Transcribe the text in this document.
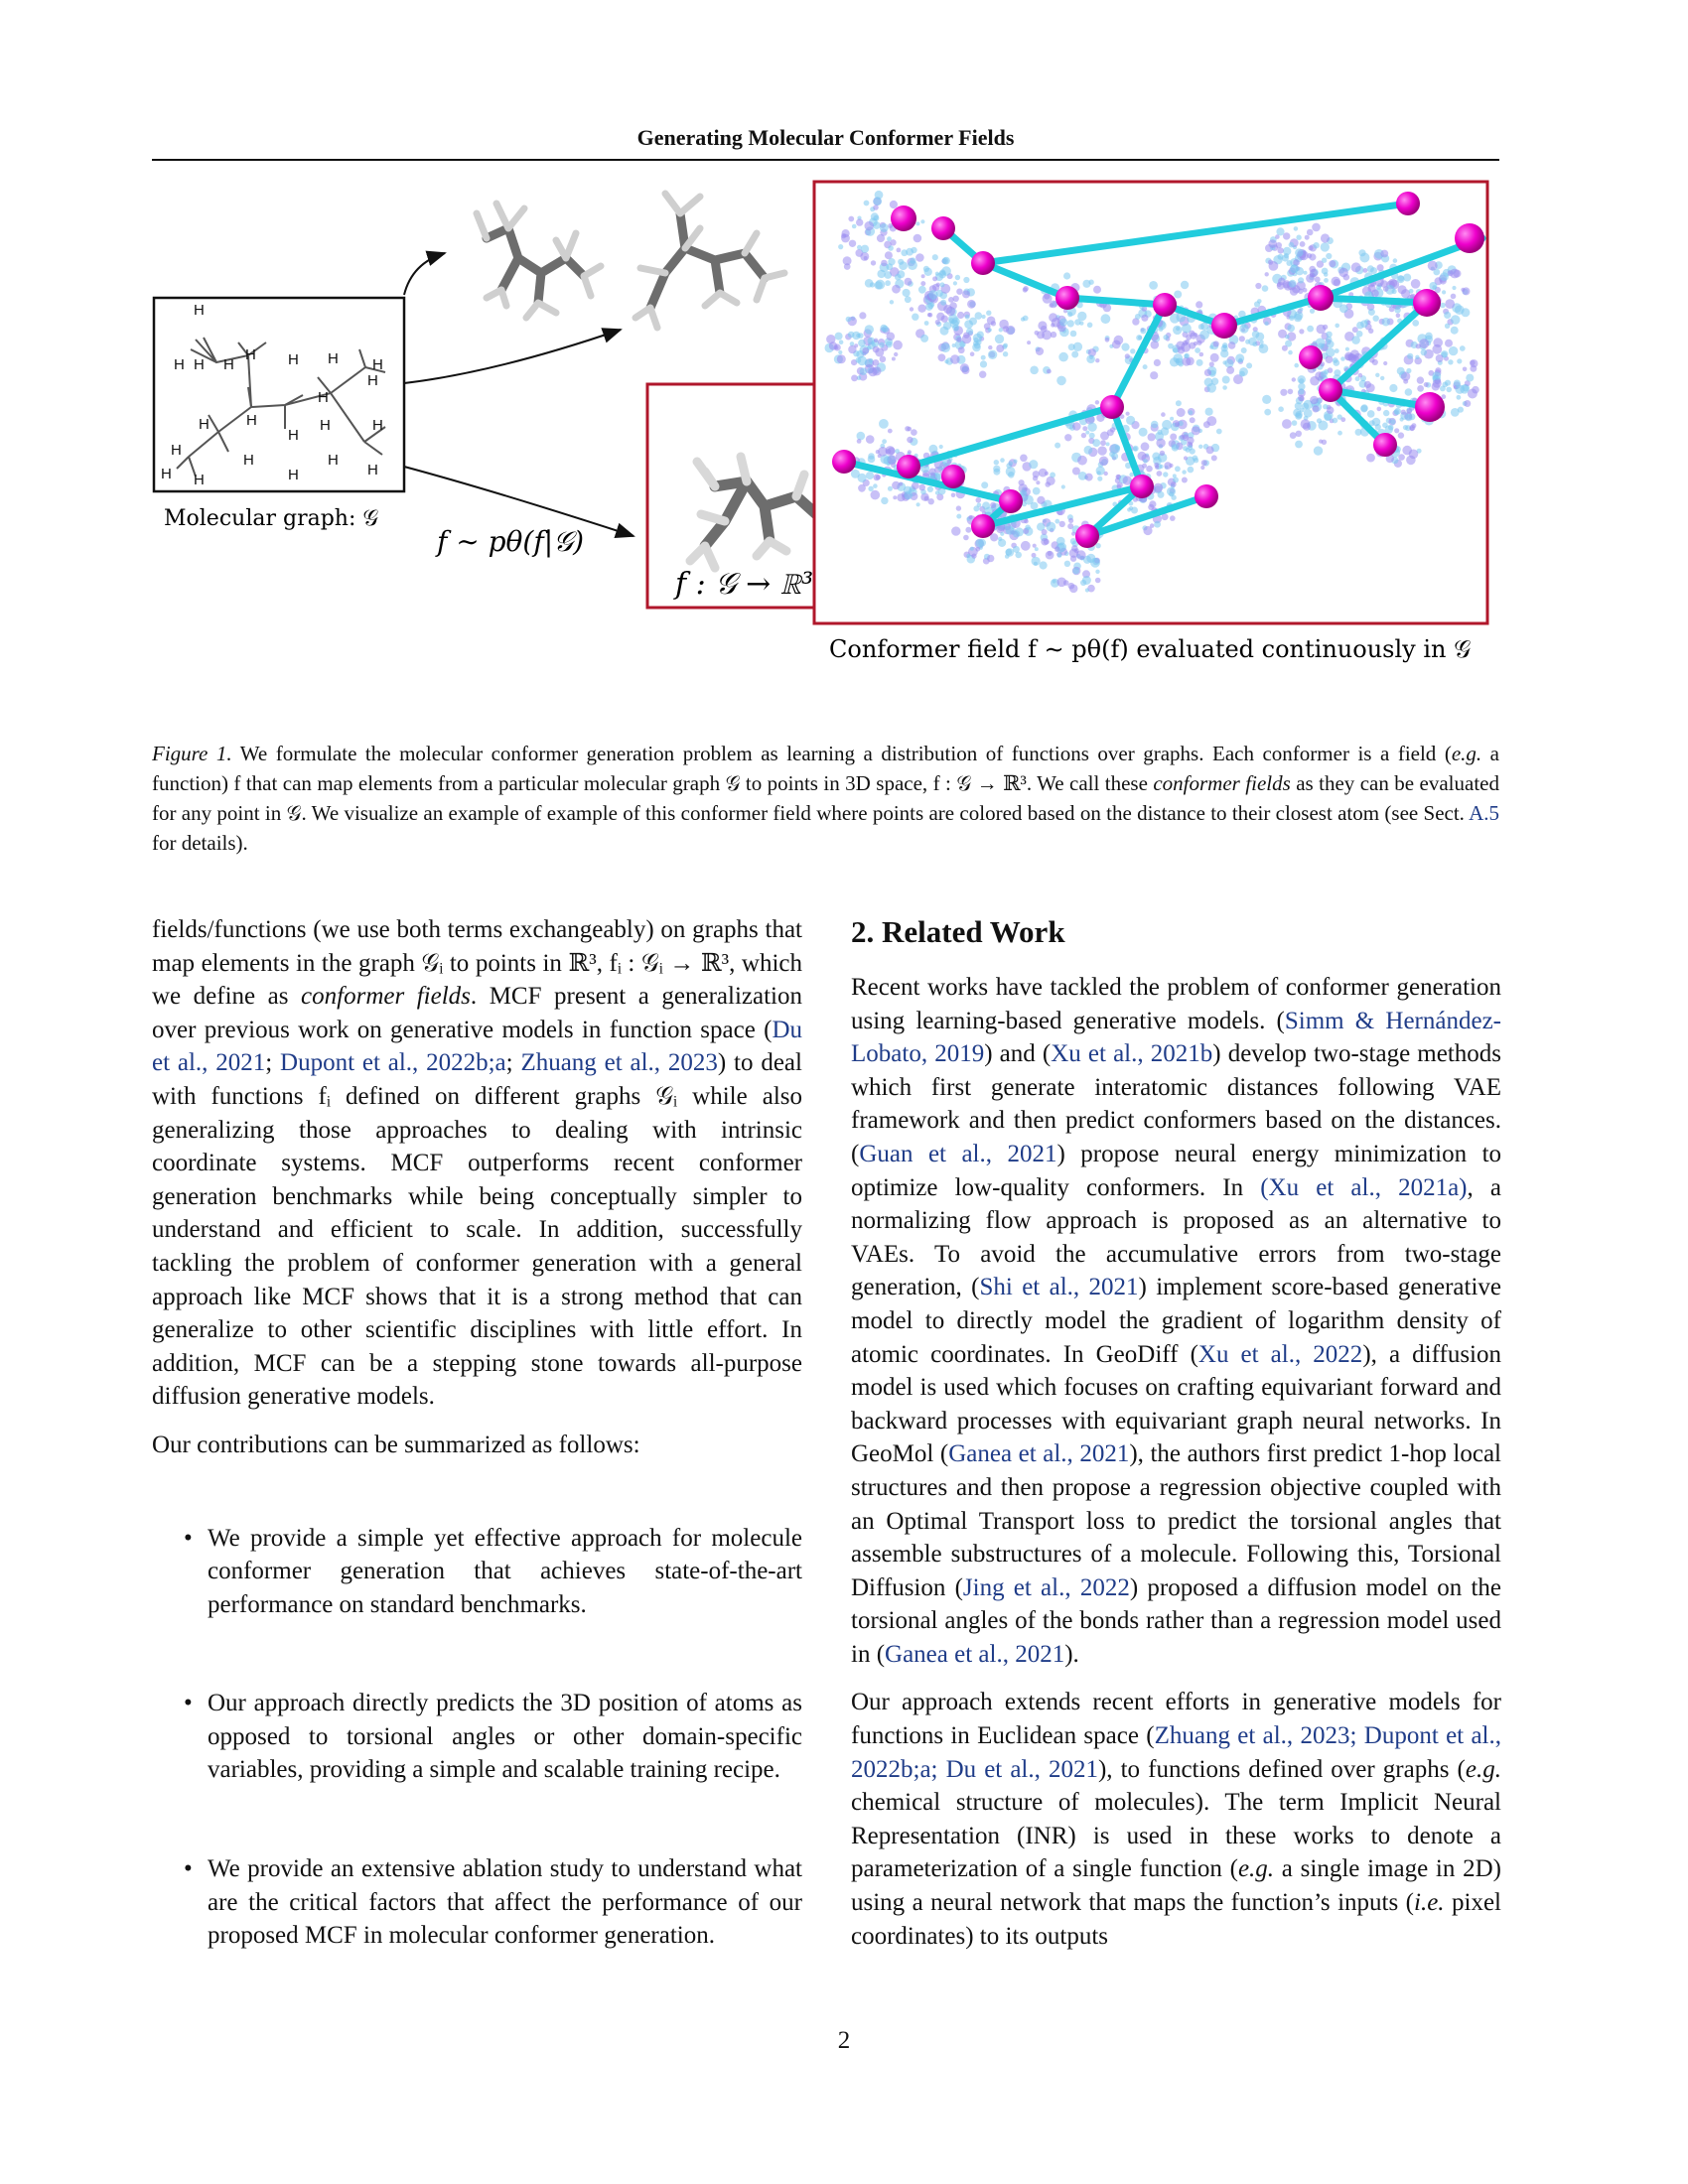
Generating Molecular Conformer Fields
H
H H H
H H H H
H
H
H
H
H
H	H
H
H H
H
H
H
H
Molecular graph: 𝒢
f ∼ pθ(f|𝒢)
f : 𝒢 → ℝ³
Conformer field f ∼ pθ(f) evaluated continuously in 𝒢
Figure 1. We formulate the molecular conformer generation problem as learning a distribution of functions over graphs. Each conformer is a field (e.g. a function) f that can map elements from a particular molecular graph 𝒢 to points in 3D space, f : 𝒢 → ℝ³. We call these conformer fields as they can be evaluated for any point in 𝒢. We visualize an example of example of this conformer field where points are colored based on the distance to their closest atom (see Sect. A.5 for details).

fields/functions (we use both terms exchangeably) on graphs that map elements in the graph 𝒢ᵢ to points in ℝ³, fᵢ : 𝒢ᵢ → ℝ³, which we define as conformer fields. MCF present a generalization over previous work on generative models in function space (Du et al., 2021; Dupont et al., 2022b;a; Zhuang et al., 2023) to deal with functions fᵢ defined on different graphs 𝒢ᵢ while also generalizing those approaches to dealing with intrinsic coordinate systems. MCF outperforms recent conformer generation benchmarks while being conceptually simpler to understand and efficient to scale. In addition, successfully tackling the problem of conformer generation with a general approach like MCF shows that it is a strong method that can generalize to other scientific disciplines with little effort. In addition, MCF can be a stepping stone towards all-purpose diffusion generative models.

Our contributions can be summarized as follows:

• We provide a simple yet effective approach for molecule conformer generation that achieves state-of-the-art performance on standard benchmarks.
• Our approach directly predicts the 3D position of atoms as opposed to torsional angles or other domain-specific variables, providing a simple and scalable training recipe.
• We provide an extensive ablation study to understand what are the critical factors that affect the performance of our proposed MCF in molecular conformer generation.
2. Related Work

Recent works have tackled the problem of conformer generation using learning-based generative models. (Simm & Hernández-Lobato, 2019) and (Xu et al., 2021b) develop two-stage methods which first generate interatomic distances following VAE framework and then predict conformers based on the distances. (Guan et al., 2021) propose neural energy minimization to optimize low-quality conformers. In (Xu et al., 2021a), a normalizing flow approach is proposed as an alternative to VAEs. To avoid the accumulative errors from two-stage generation, (Shi et al., 2021) implement score-based generative model to directly model the gradient of logarithm density of atomic coordinates. In GeoDiff (Xu et al., 2022), a diffusion model is used which focuses on crafting equivariant forward and backward processes with equivariant graph neural networks. In GeoMol (Ganea et al., 2021), the authors first predict 1-hop local structures and then propose a regression objective coupled with an Optimal Transport loss to predict the torsional angles that assemble substructures of a molecule. Following this, Torsional Diffusion (Jing et al., 2022) proposed a diffusion model on the torsional angles of the bonds rather than a regression model used in (Ganea et al., 2021).

Our approach extends recent efforts in generative models for functions in Euclidean space (Zhuang et al., 2023; Dupont et al., 2022b;a; Du et al., 2021), to functions defined over graphs (e.g. chemical structure of molecules). The term Implicit Neural Representation (INR) is used in these works to denote a parameterization of a single function (e.g. a single image in 2D) using a neural network that maps the function’s inputs (i.e. pixel coordinates) to its outputs

2
